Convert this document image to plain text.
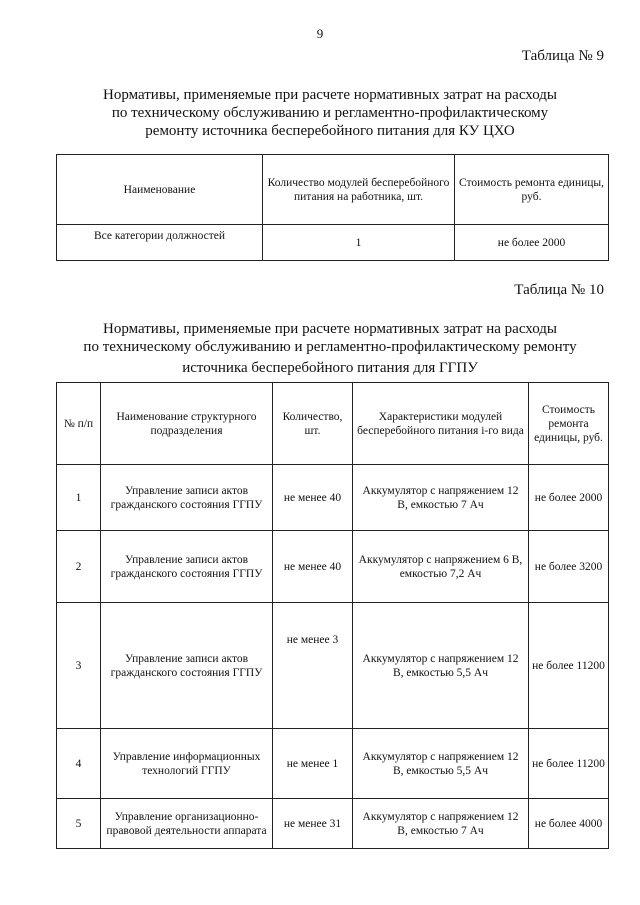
9
Таблица № 9
Нормативы, применяемые при расчете нормативных затрат на расходы
по техническому обслуживанию и регламентно-профилактическому
ремонту источника бесперебойного питания для КУ ЦХО
Наименование	Количество модулей бесперебойного питания на работника, шт.	Стоимость ремонта единицы, руб.
Все категории должностей	1	не более 2000
Таблица № 10
Нормативы, применяемые при расчете нормативных затрат на расходы
по техническому обслуживанию и регламентно-профилактическому ремонту
источника бесперебойного питания для ГГПУ
№ п/п	Наименование структурного подразделения	Количество, шт.	Характеристики модулей бесперебойного питания i-го вида	Стоимость ремонта единицы, руб.
1	Управление записи актов гражданского состояния ГГПУ	не менее 40	Аккумулятор с напряжением 12 В, емкостью 7 Ач	не более 2000
2	Управление записи актов гражданского состояния ГГПУ	не менее 40	Аккумулятор с напряжением 6 В, емкостью 7,2 Ач	не более 3200
3	Управление записи актов гражданского состояния ГГПУ	не менее 3	Аккумулятор с напряжением 12 В, емкостью 5,5 Ач	не более 11200
4	Управление информационных технологий ГГПУ	не менее 1	Аккумулятор с напряжением 12 В, емкостью 5,5 Ач	не более 11200
5	Управление организационно-правовой деятельности аппарата	не менее 31	Аккумулятор с напряжением 12 В, емкостью 7 Ач	не более 4000
